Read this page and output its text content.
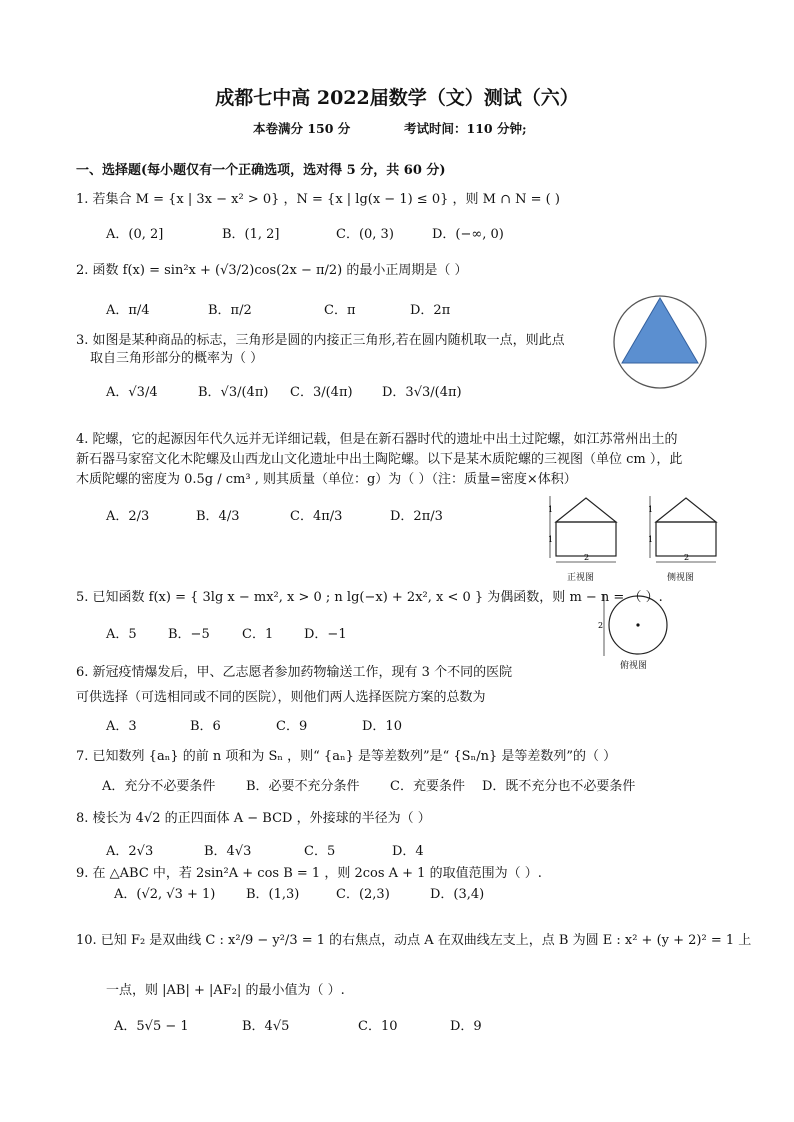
成都七中高 2022届数学（文）测试（六）
本卷满分 150 分	考试时间：110 分钟;
一、选择题(每小题仅有一个正确选项，选对得 5 分，共 60 分)
1. 若集合 M = {x | 3x − x² > 0} ，N = {x | lg(x − 1) ≤ 0} ，则 M ∩ N = ( )
A．(0, 2]	B．(1, 2]	C．(0, 3)	D．(−∞, 0)
2. 函数 f(x) = sin²x + (√3/2)cos(2x − π/2) 的最小正周期是（ ）
A．π/4	B．π/2	C．π	D．2π
3. 如图是某种商品的标志，三角形是圆的内接正三角形,若在圆内随机取一点，则此点
取自三角形部分的概率为（ ）
A．√3/4	B．√3/(4π) C．3/(4π) D．3√3/(4π)
4. 陀螺，它的起源因年代久远并无详细记载，但是在新石器时代的遗址中出土过陀螺，如江苏常州出土的
新石器马家窑文化木陀螺及山西龙山文化遗址中出土陶陀螺。以下是某木质陀螺的三视图（单位 cm ），此
木质陀螺的密度为 0.5g / cm³ , 则其质量（单位：g）为（ ）（注：质量=密度×体积）
A．2/3	B．4/3	C．4π/3	D．2π/3	1
1
2
正视图
1
1
2
侧视图
2
俯视图
5. 已知函数 f(x) = { 3lg x − mx², x > 0 ; n lg(−x) + 2x², x < 0 } 为偶函数，则 m − n = （ ）.
A．5 B．−5 C．1 D．−1
6. 新冠疫情爆发后，甲、乙志愿者参加药物输送工作，现有 3 个不同的医院
可供选择（可选相同或不同的医院），则他们两人选择医院方案的总数为
A．3	B．6	C．9	D．10
7. 已知数列 {aₙ} 的前 n 项和为 Sₙ ，则“ {aₙ} 是等差数列”是“ {Sₙ/n} 是等差数列”的（ ）
A．充分不必要条件 B．必要不充分条件 C．充要条件 D．既不充分也不必要条件
8. 棱长为 4√2 的正四面体 A − BCD ，外接球的半径为（ ）
A．2√3	B．4√3	C．5	D．4
9. 在 △ABC 中，若 2sin²A + cos B = 1 ，则 2cos A + 1 的取值范围为（ ）.
A．(√2, √3 + 1) B．(1,3)	C．(2,3)	D．(3,4)
10. 已知 F₂ 是双曲线 C : x²/9 − y²/3 = 1 的右焦点，动点 A 在双曲线左支上，点 B 为圆 E : x² + (y + 2)² = 1 上
一点，则 |AB| + |AF₂| 的最小值为（ ）.
A．5√5 − 1	B．4√5	C．10	D．9
